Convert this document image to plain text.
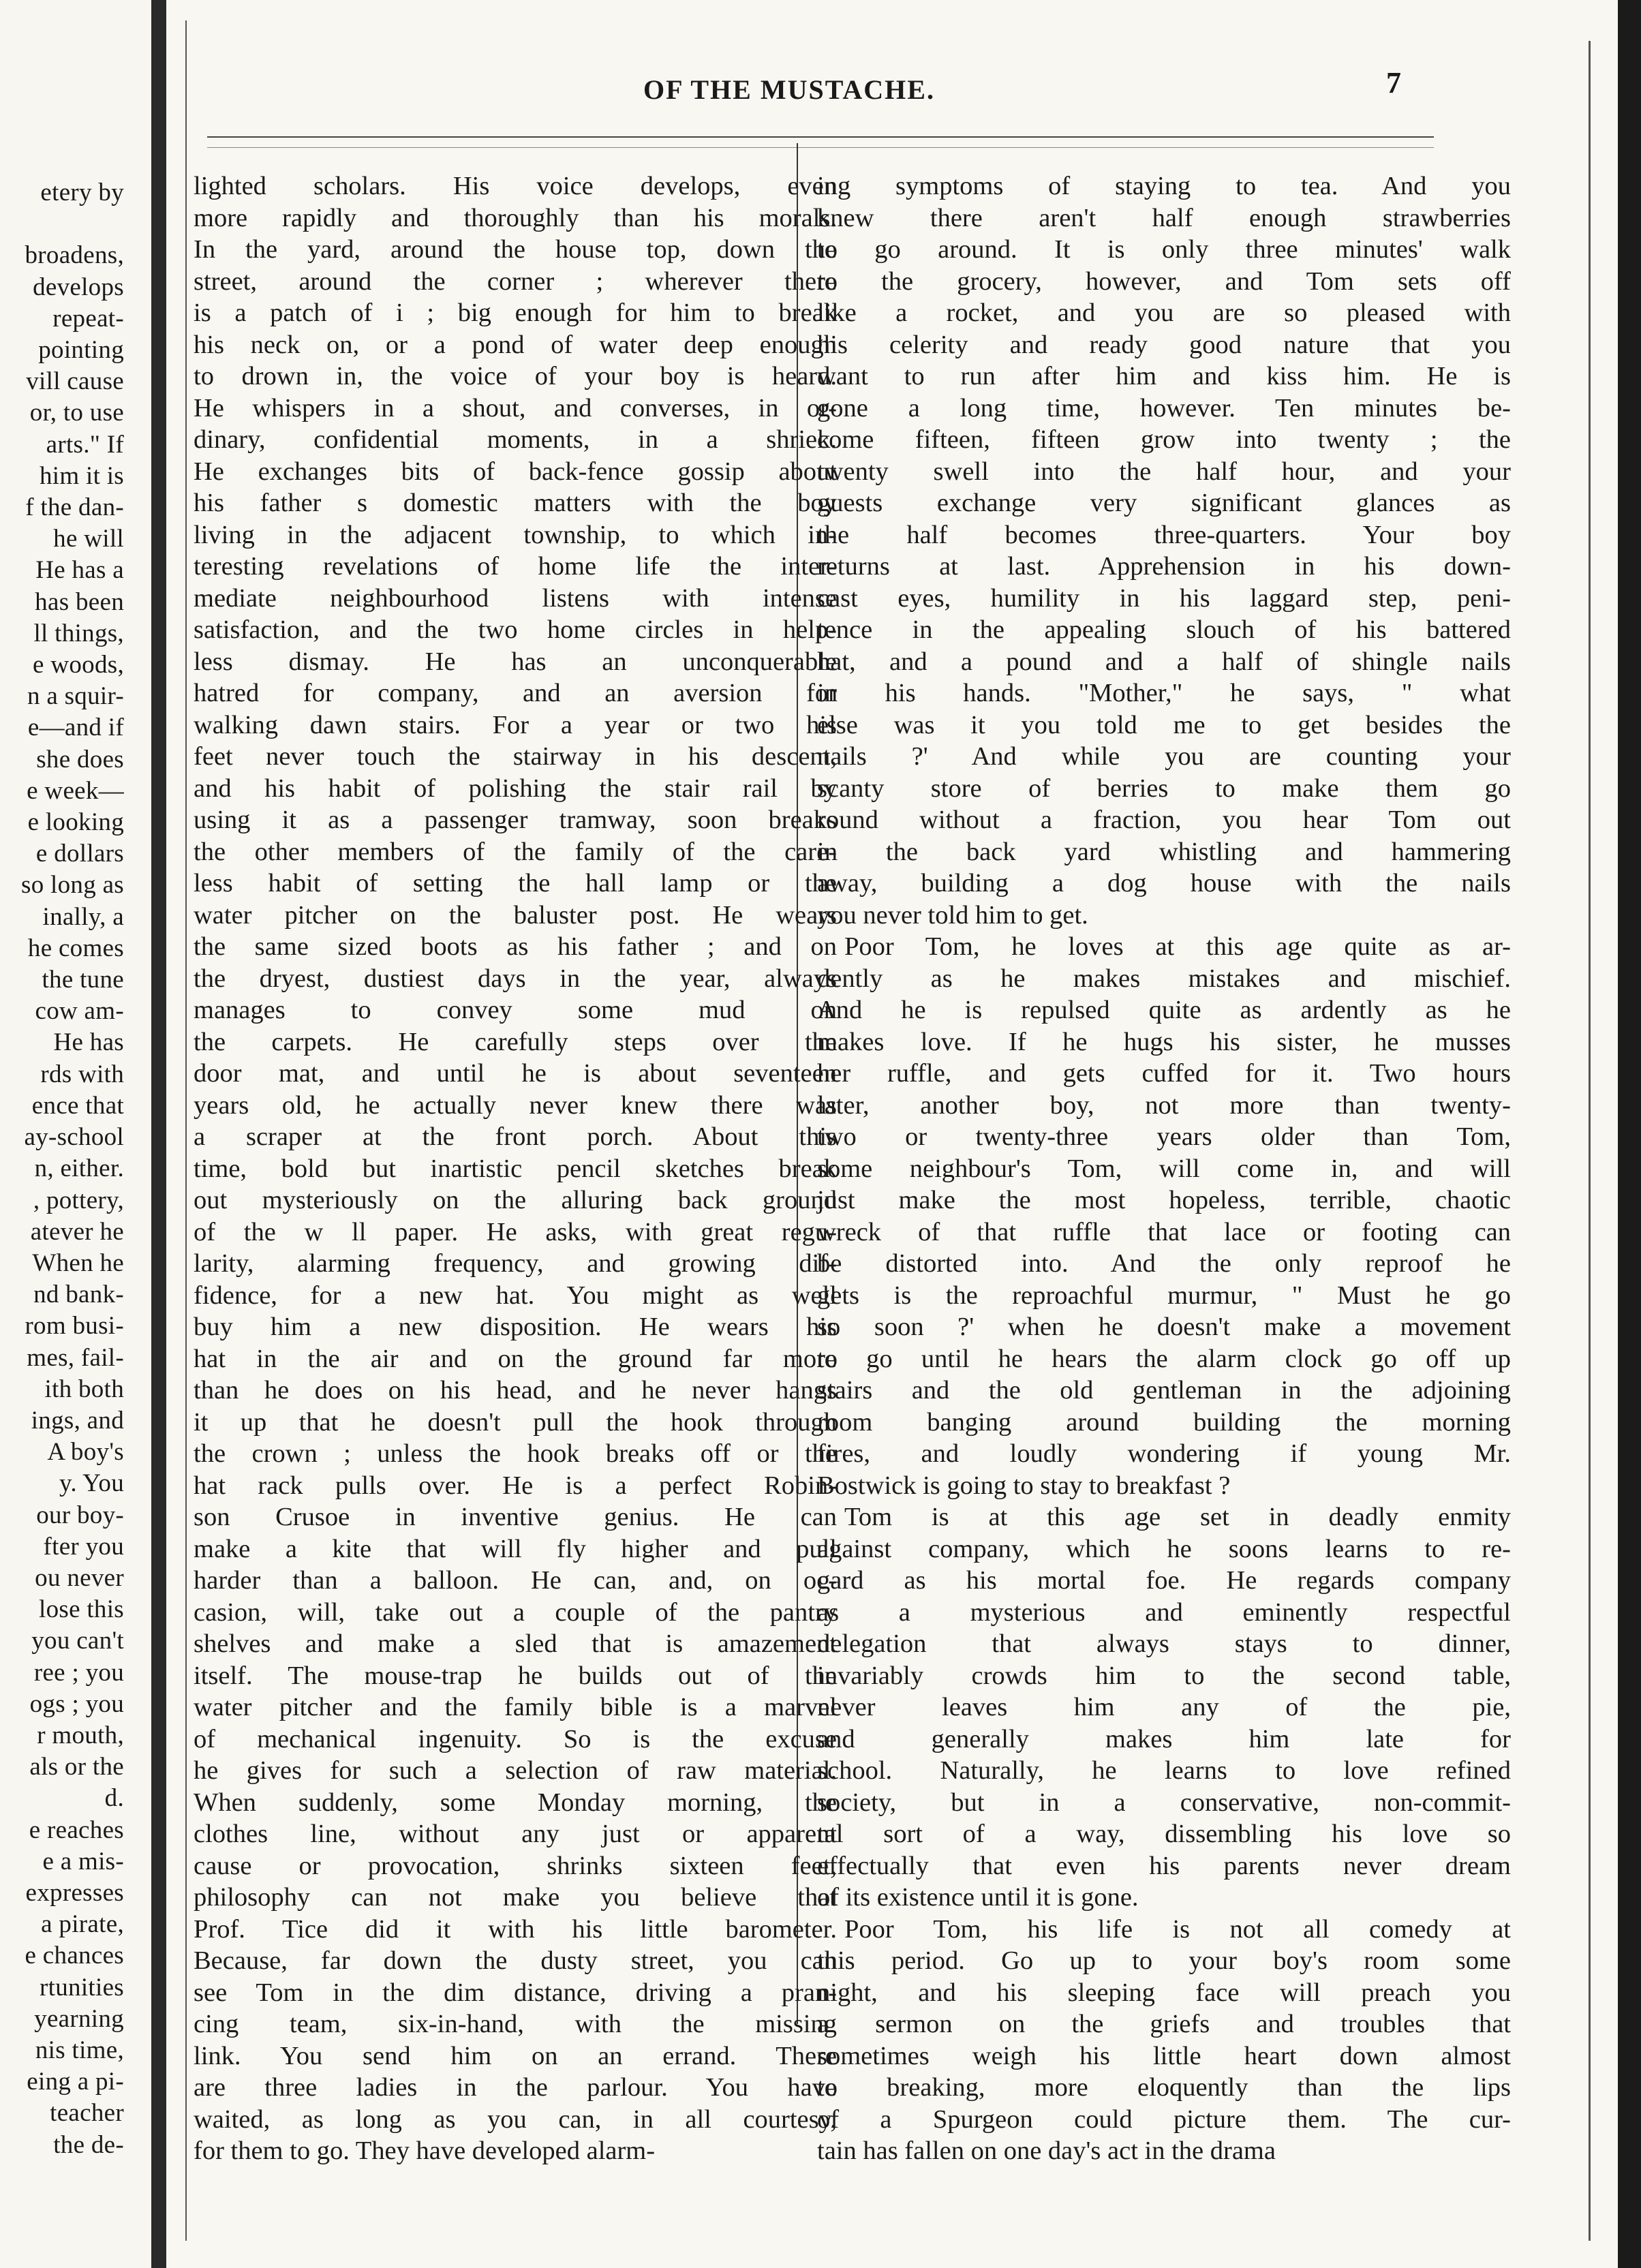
etery by

broadens,
develops
repeat-
pointing
vill cause
or, to use
arts." If
him it is
f the dan-
he will
He has a
has been
ll things,
e woods,
n a squir-
e—and if
she does
e week—
e looking
e dollars
so long as
inally, a
he comes
the tune
cow am-
He has
rds with
ence that
ay-school
n, either.
, pottery,
atever he
When he
nd bank-
rom busi-
mes, fail-
ith both
ings, and
A boy's
y. You
our boy-
fter you
ou never
lose this
you can't
ree ; you
ogs ; you
r mouth,
als or the
d.
e reaches
e a mis-
expresses
a pirate,
e chances
rtunities
yearning
nis time,
eing a pi-
teacher
the de-
OF THE MUSTACHE.	7
lighted scholars. His voice develops, even
more rapidly and thoroughly than his morals.
In the yard, around the house top, down the
street, around the corner ; wherever there
is a patch of i ; big enough for him to break
his neck on, or a pond of water deep enough
to drown in, the voice of your boy is heard.
He whispers in a shout, and converses, in or-
dinary, confidential moments, in a shriek.
He exchanges bits of back-fence gossip about
his father s domestic matters with the boy
living in the adjacent township, to which in-
teresting revelations of home life the inter-
mediate neighbourhood listens with intense
satisfaction, and the two home circles in help-
less dismay. He has an unconquerable
hatred for company, and an aversion for
walking dawn stairs. For a year or two his
feet never touch the stairway in his descent,
and his habit of polishing the stair rail by
using it as a passenger tramway, soon breaks
the other members of the family of the care-
less habit of setting the hall lamp or the
water pitcher on the baluster post. He wears
the same sized boots as his father ; and on
the dryest, dustiest days in the year, always
manages to convey some mud on
the carpets. He carefully steps over the
door mat, and until he is about seventeen
years old, he actually never knew there was
a scraper at the front porch. About this
time, bold but inartistic pencil sketches break
out mysteriously on the alluring back ground
of the w ll paper. He asks, with great regu-
larity, alarming frequency, and growing dif-
fidence, for a new hat. You might as well
buy him a new disposition. He wears his
hat in the air and on the ground far more
than he does on his head, and he never hangs
it up that he doesn't pull the hook through
the crown ; unless the hook breaks off or the
hat rack pulls over. He is a perfect Robin-
son Crusoe in inventive genius. He can
make a kite that will fly higher and pull
harder than a balloon. He can, and, on oc-
casion, will, take out a couple of the pantry
shelves and make a sled that is amazement
itself. The mouse-trap he builds out of the
water pitcher and the family bible is a marvel
of mechanical ingenuity. So is the excuse
he gives for such a selection of raw material.
When suddenly, some Monday morning, the
clothes line, without any just or apparent
cause or provocation, shrinks sixteen feet,
philosophy can not make you believe that
Prof. Tice did it with his little barometer.
Because, far down the dusty street, you can
see Tom in the dim distance, driving a pran-
cing team, six-in-hand, with the missing
link. You send him on an errand. There
are three ladies in the parlour. You have
waited, as long as you can, in all courtesy,
for them to go. They have developed alarm-
ing symptoms of staying to tea. And you
knew there aren't half enough strawberries
to go around. It is only three minutes' walk
to the grocery, however, and Tom sets off
like a rocket, and you are so pleased with
his celerity and ready good nature that you
want to run after him and kiss him. He is
gone a long time, however. Ten minutes be-
come fifteen, fifteen grow into twenty ; the
twenty swell into the half hour, and your
guests exchange very significant glances as
the half becomes three-quarters. Your boy
returns at last. Apprehension in his down-
cast eyes, humility in his laggard step, peni-
tence in the appealing slouch of his battered
hat, and a pound and a half of shingle nails
in his hands. "Mother," he says, " what
else was it you told me to get besides the
nails ?' And while you are counting your
scanty store of berries to make them go
round without a fraction, you hear Tom out
in the back yard whistling and hammering
away, building a dog house with the nails
you never told him to get.
Poor Tom, he loves at this age quite as ar-
dently as he makes mistakes and mischief.
And he is repulsed quite as ardently as he
makes love. If he hugs his sister, he musses
her ruffle, and gets cuffed for it. Two hours
later, another boy, not more than twenty-
two or twenty-three years older than Tom,
some neighbour's Tom, will come in, and will
just make the most hopeless, terrible, chaotic
wreck of that ruffle that lace or footing can
be distorted into. And the only reproof he
gets is the reproachful murmur, " Must he go
so soon ?' when he doesn't make a movement
to go until he hears the alarm clock go off up
stairs and the old gentleman in the adjoining
room banging around building the morning
fires, and loudly wondering if young Mr.
Bostwick is going to stay to breakfast ?
Tom is at this age set in deadly enmity
against company, which he soons learns to re-
gard as his mortal foe. He regards company
as a mysterious and eminently respectful
delegation that always stays to dinner,
invariably crowds him to the second table,
never leaves him any of the pie,
and generally makes him late for
school. Naturally, he learns to love refined
society, but in a conservative, non-commit-
tal sort of a way, dissembling his love so
effectually that even his parents never dream
of its existence until it is gone.
Poor Tom, his life is not all comedy at
this period. Go up to your boy's room some
night, and his sleeping face will preach you
a sermon on the griefs and troubles that
sometimes weigh his little heart down almost
to breaking, more eloquently than the lips
of a Spurgeon could picture them. The cur-
tain has fallen on one day's act in the drama
